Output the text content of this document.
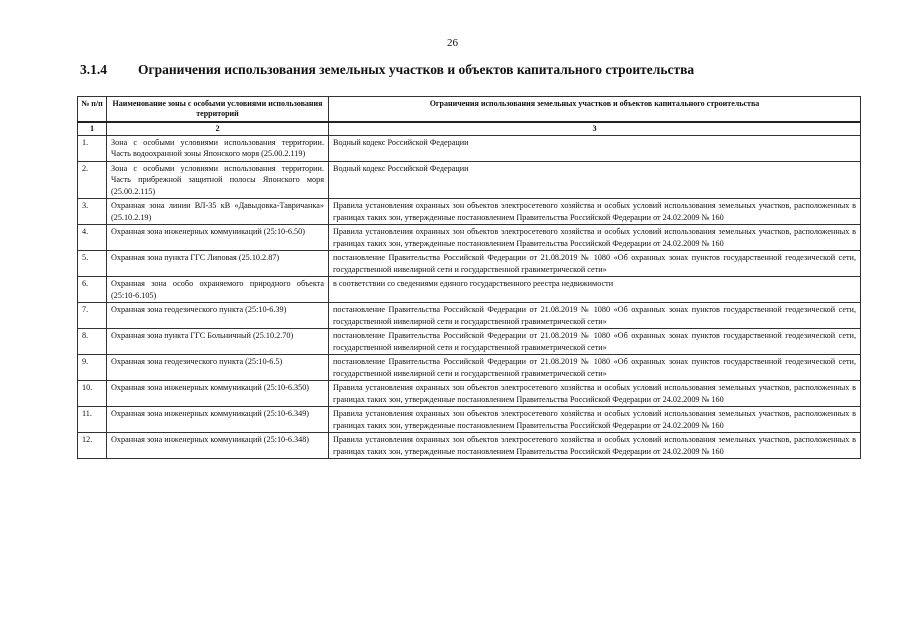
26
3.1.4 Ограничения использования земельных участков и объектов капитального строительства
№ п/п	Наименование зоны с особыми условиями использования территорий	Ограничения использования земельных участков и объектов капитального строительства
1	2	3
1.	Зона с особыми условиями использования территории. Часть водоохранной зоны Японского моря (25.00.2.119)	Водный кодекс Российской Федерации
2.	Зона с особыми условиями использования территории. Часть прибрежной защитной полосы Японского моря (25.00.2.115)	Водный кодекс Российской Федерации
3.	Охранная зона линии ВЛ-35 кВ «Давыдовка-Тавричанка» (25.10.2.19)	Правила установления охранных зон объектов электросетевого хозяйства и особых условий использования земельных участков, расположенных в границах таких зон, утвержденные постановлением Правительства Российской Федерации от 24.02.2009 № 160
4.	Охранная зона инженерных коммуникаций (25:10-6.50)	Правила установления охранных зон объектов электросетевого хозяйства и особых условий использования земельных участков, расположенных в границах таких зон, утвержденные постановлением Правительства Российской Федерации от 24.02.2009 № 160
5.	Охранная зона пункта ГГС Липовая (25.10.2.87)	постановление Правительства Российской Федерации от 21.08.2019 № 1080 «Об охранных зонах пунктов государственной геодезической сети, государственной нивелирной сети и государственной гравиметрической сети»
6.	Охранная зона особо охраняемого природного объекта (25:10-6.105)	в соответствии со сведениями единого государственного реестра недвижимости
7.	Охранная зона геодезического пункта (25:10-6.39)	постановление Правительства Российской Федерации от 21.08.2019 № 1080 «Об охранных зонах пунктов государственной геодезической сети, государственной нивелирной сети и государственной гравиметрической сети»
8.	Охранная зона пункта ГГС Больничный (25.10.2.70)	постановление Правительства Российской Федерации от 21.08.2019 № 1080 «Об охранных зонах пунктов государственной геодезической сети, государственной нивелирной сети и государственной гравиметрической сети»
9.	Охранная зона геодезического пункта (25:10-6.5)	постановление Правительства Российской Федерации от 21.08.2019 № 1080 «Об охранных зонах пунктов государственной геодезической сети, государственной нивелирной сети и государственной гравиметрической сети»
10.	Охранная зона инженерных коммуникаций (25:10-6.350)	Правила установления охранных зон объектов электросетевого хозяйства и особых условий использования земельных участков, расположенных в границах таких зон, утвержденные постановлением Правительства Российской Федерации от 24.02.2009 № 160
11.	Охранная зона инженерных коммуникаций (25:10-6.349)	Правила установления охранных зон объектов электросетевого хозяйства и особых условий использования земельных участков, расположенных в границах таких зон, утвержденные постановлением Правительства Российской Федерации от 24.02.2009 № 160
12.	Охранная зона инженерных коммуникаций (25:10-6.348)	Правила установления охранных зон объектов электросетевого хозяйства и особых условий использования земельных участков, расположенных в границах таких зон, утвержденные постановлением Правительства Российской Федерации от 24.02.2009 № 160
